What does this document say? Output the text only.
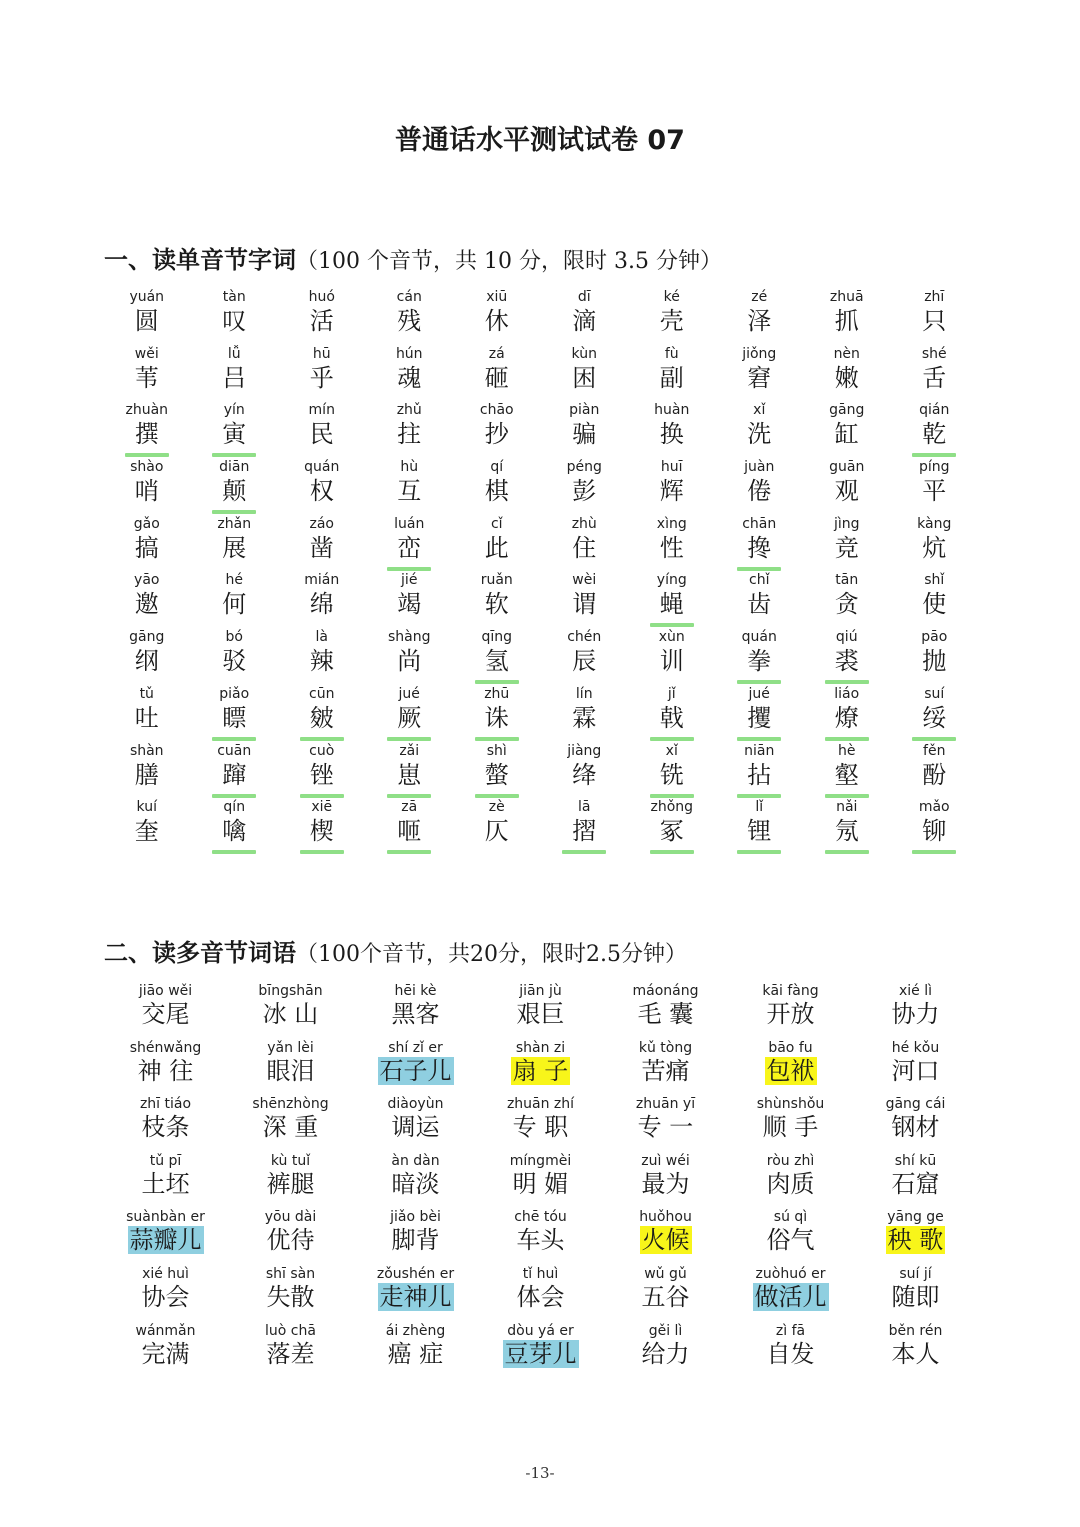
普通话水平测试试卷 07
一、读单音节字词（100 个音节，共 10 分，限时 3.5 分钟）
yuán
圆
tàn
叹
huó
活
cán
残
xiū
休
dī
滴
ké
壳
zé
泽
zhuā
抓
zhī
只
wěi
苇
lǚ
吕
hū
乎
hún
魂
zá
砸
kùn
困
fù
副
jiǒng
窘
nèn
嫩
shé
舌
zhuàn
撰
yín
寅
mín
民
zhǔ
拄
chāo
抄
piàn
骗
huàn
换
xǐ
洗
gāng
缸
qián
乾
shào
哨
diān
颠
quán
权
hù
互
qí
棋
péng
彭
huī
辉
juàn
倦
guān
观
píng
平
gǎo
搞
zhǎn
展
záo
凿
luán
峦
cǐ
此
zhù
住
xìng
性
chān
搀
jìng
竞
kàng
炕
yāo
邀
hé
何
mián
绵
jié
竭
ruǎn
软
wèi
谓
yíng
蝇
chǐ
齿
tān
贪
shǐ
使
gāng
纲
bó
驳
là
辣
shàng
尚
qīng
氢
chén
辰
xùn
训
quán
拳
qiú
裘
pāo
抛
tǔ
吐
piǎo
瞟
cūn
皴
jué
厥
zhū
诛
lín
霖
jǐ
戟
jué
攫
liáo
燎
suí
绥
shàn
膳
cuān
蹿
cuò
锉
zǎi
崽
shì
螫
jiàng
绛
xǐ
铣
niān
拈
hè
壑
fěn
酚
kuí
奎
qín
噙
xiē
楔
zā
咂
zè
仄
lā
摺
zhǒng
冢
lǐ
锂
nǎi
氖
mǎo
铆
二、读多音节词语（100个音节，共20分，限时2.5分钟）
jiāo wěi
交尾
bīngshān
冰 山
hēi kè
黑客
jiān jù
艰巨
máonáng
毛 囊
kāi fàng
开放
xié lì
协力
shénwǎng
神 往
yǎn lèi
眼泪
shí zǐ er
石子儿
shàn zi
扇 子
kǔ tòng
苦痛
bāo fu
包袱
hé kǒu
河口
zhī tiáo
枝条
shēnzhòng
深 重
diàoyùn
调运
zhuān zhí
专 职
zhuān yī
专 一
shùnshǒu
顺 手
gāng cái
钢材
tǔ pī
土坯
kù tuǐ
裤腿
àn dàn
暗淡
míngmèi
明 媚
zuì wéi
最为
ròu zhì
肉质
shí kū
石窟
suànbàn er
蒜瓣儿
yōu dài
优待
jiǎo bèi
脚背
chē tóu
车头
huǒhou
火候
sú qì
俗气
yāng ge
秧 歌
xié huì
协会
shī sàn
失散
zǒushén er
走神儿
tǐ huì
体会
wǔ gǔ
五谷
zuòhuó er
做活儿
suí jí
随即
wánmǎn
完满
luò chā
落差
ái zhèng
癌 症
dòu yá er
豆芽儿
gěi lì
给力
zì fā
自发
běn rén
本人
-13-
